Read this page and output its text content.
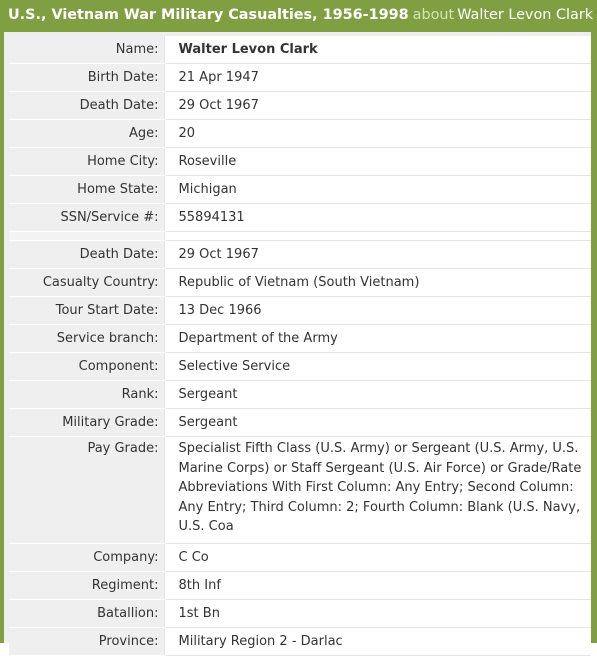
U.S., Vietnam War Military Casualties, 1956-1998 about Walter Levon Clark
Name:	Walter Levon Clark
Birth Date:	21 Apr 1947
Death Date:	29 Oct 1967
Age:	20
Home City:	Roseville
Home State:	Michigan
SSN/Service #:	55894131

Death Date:	29 Oct 1967
Casualty Country:	Republic of Vietnam (South Vietnam)
Tour Start Date:	13 Dec 1966
Service branch:	Department of the Army
Component:	Selective Service
Rank:	Sergeant
Military Grade:	Sergeant
Pay Grade:	Specialist Fifth Class (U.S. Army) or Sergeant (U.S. Army, U.S. Marine Corps) or Staff Sergeant (U.S. Air Force) or Grade/Rate Abbreviations With First Column: Any Entry; Second Column: Any Entry; Third Column: 2; Fourth Column: Blank (U.S. Navy, U.S. Coa
Company:	C Co
Regiment:	8th Inf
Batallion:	1st Bn
Province:	Military Region 2 - Darlac
